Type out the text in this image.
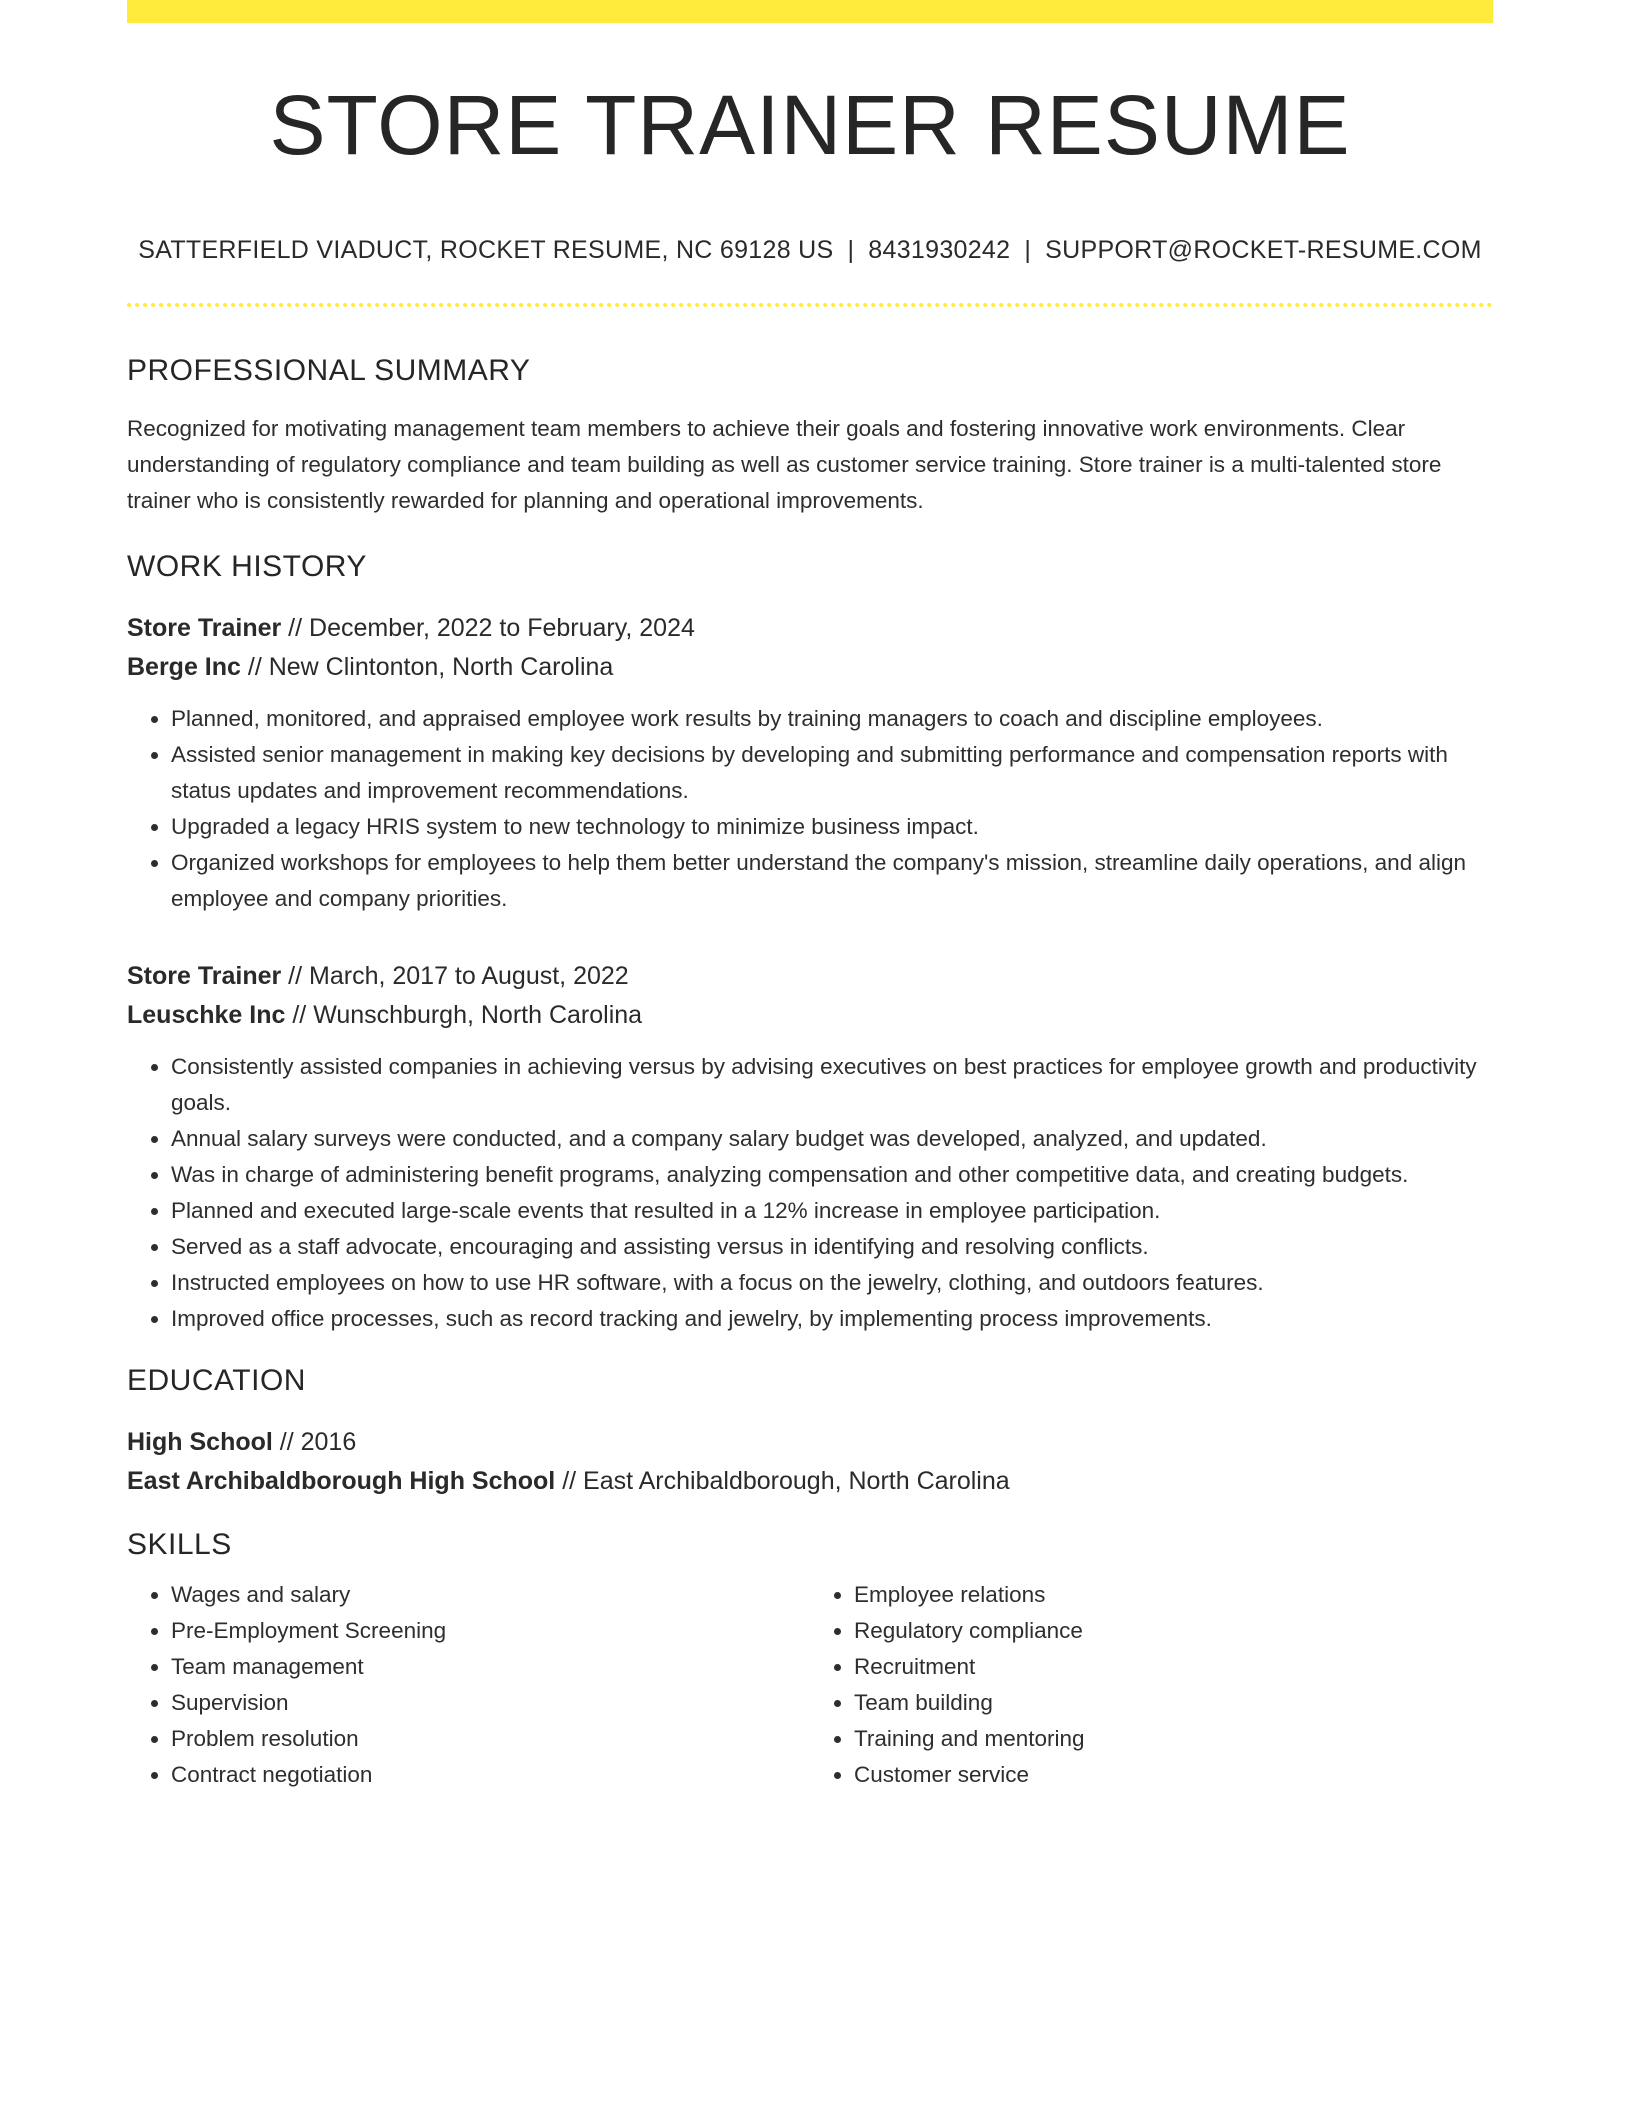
STORE TRAINER RESUME
SATTERFIELD VIADUCT, ROCKET RESUME, NC 69128 US | 8431930242 | SUPPORT@ROCKET-RESUME.COM
PROFESSIONAL SUMMARY

Recognized for motivating management team members to achieve their goals and fostering innovative work environments. Clear understanding of regulatory compliance and team building as well as customer service training. Store trainer is a multi-talented store trainer who is consistently rewarded for planning and operational improvements.

WORK HISTORY
Store Trainer // December, 2022 to February, 2024
Berge Inc // New Clintonton, North Carolina
• Planned, monitored, and appraised employee work results by training managers to coach and discipline employees.
• Assisted senior management in making key decisions by developing and submitting performance and compensation reports with status updates and improvement recommendations.
• Upgraded a legacy HRIS system to new technology to minimize business impact.
• Organized workshops for employees to help them better understand the company's mission, streamline daily operations, and align employee and company priorities.
Store Trainer // March, 2017 to August, 2022
Leuschke Inc // Wunschburgh, North Carolina
• Consistently assisted companies in achieving versus by advising executives on best practices for employee growth and productivity goals.
• Annual salary surveys were conducted, and a company salary budget was developed, analyzed, and updated.
• Was in charge of administering benefit programs, analyzing compensation and other competitive data, and creating budgets.
• Planned and executed large-scale events that resulted in a 12% increase in employee participation.
• Served as a staff advocate, encouraging and assisting versus in identifying and resolving conflicts.
• Instructed employees on how to use HR software, with a focus on the jewelry, clothing, and outdoors features.
• Improved office processes, such as record tracking and jewelry, by implementing process improvements.
EDUCATION
High School // 2016
East Archibaldborough High School // East Archibaldborough, North Carolina
SKILLS
• Wages and salary
• Pre-Employment Screening
• Team management
• Supervision
• Problem resolution
• Contract negotiation
• Employee relations
• Regulatory compliance
• Recruitment
• Team building
• Training and mentoring
• Customer service
